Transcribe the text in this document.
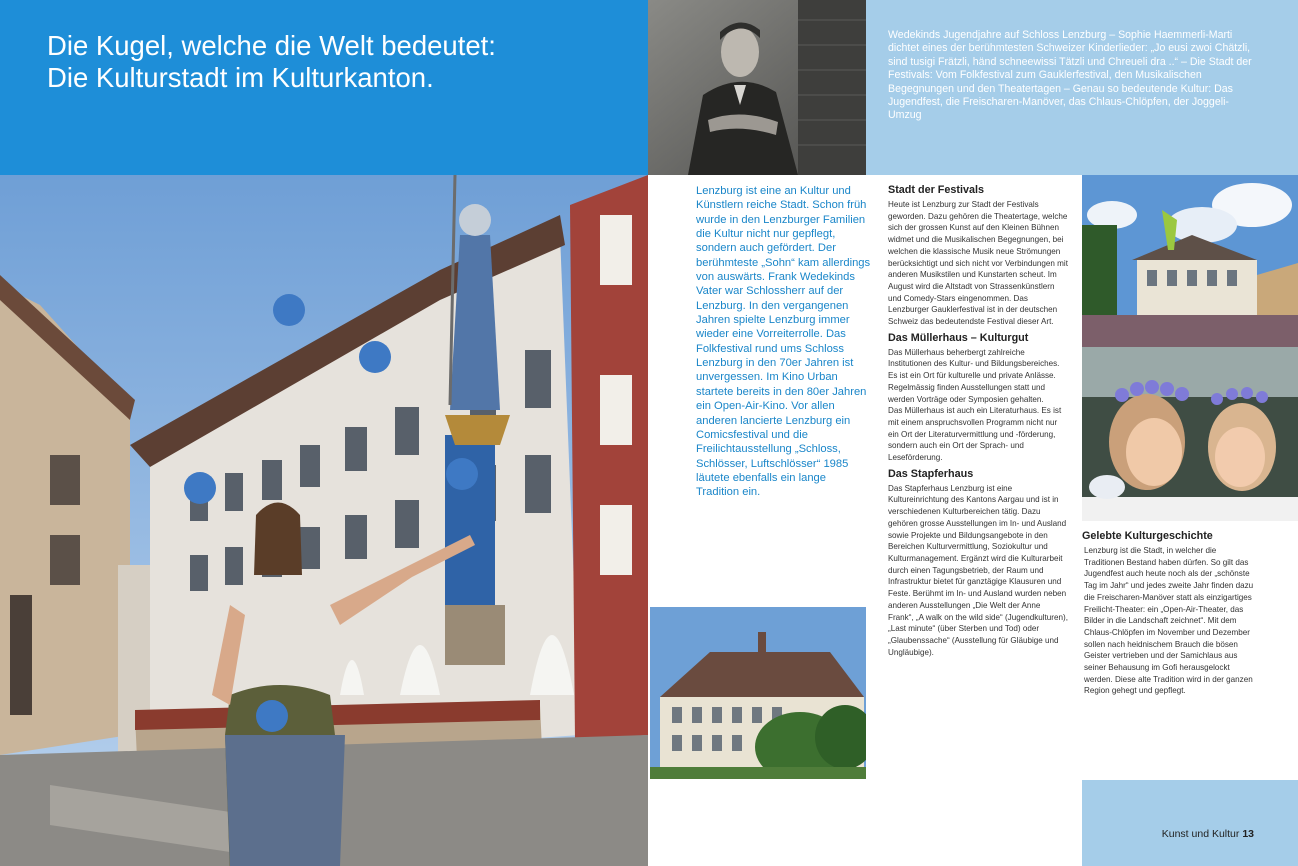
Die Kugel, welche die Welt bedeutet:
Die Kulturstadt im Kulturkanton.
Wedekinds Jugendjahre auf Schloss Lenzburg – Sophie Haemmerli-Marti dichtet eines der berühmtesten Schweizer Kinderlieder: „Jo eusi zwoi Chätzli, sind tusigi Frätzli, händ schneewissi Tätzli und Chreueli dra ..“ – Die Stadt der Festivals: Vom Folkfestival zum Gauklerfestival, den Musikalischen Begegnungen und den Theatertagen – Genau so bedeutende Kultur: Das Jugendfest, die Freischaren-Manöver, das Chlaus-Chlöpfen, der Joggeli-Umzug
Lenzburg ist eine an Kultur und Künstlern reiche Stadt. Schon früh wurde in den Lenzburger Familien die Kultur nicht nur gepflegt, sondern auch gefördert. Der berühmteste „Sohn“ kam allerdings von auswärts. Frank Wedekinds Vater war Schlossherr auf der Lenzburg. In den vergangenen Jahren spielte Lenzburg immer wieder eine Vorreiterrolle. Das Folkfestival rund ums Schloss Lenzburg in den 70er Jahren ist unvergessen. Im Kino Urban startete bereits in den 80er Jahren ein Open-Air-Kino. Vor allen anderen lancierte Lenzburg ein Comicsfestival und die Freilichtausstellung „Schloss, Schlösser, Luftschlösser“ 1985 läutete ebenfalls ein lange Tradition ein.
Stadt der Festivals

Heute ist Lenzburg zur Stadt der Festivals geworden. Dazu gehören die Theatertage, welche sich der grossen Kunst auf den Kleinen Bühnen widmet und die Musikalischen Begegnungen, bei welchen die klassische Musik neue Strömungen berücksichtigt und sich nicht vor Verbindungen mit anderen Musikstilen und Kunstarten scheut. Im August wird die Altstadt von Strassenkünstlern und Comedy-Stars eingenommen. Das Lenzburger Gauklerfestival ist in der deutschen Schweiz das bedeutendste Festival dieser Art.

Das Müllerhaus – Kulturgut

Das Müllerhaus beherbergt zahlreiche Institutionen des Kultur- und Bildungsbereiches. Es ist ein Ort für kulturelle und private Anlässe. Regelmässig finden Ausstellungen statt und werden Vorträge oder Symposien gehalten.

Das Müllerhaus ist auch ein Literaturhaus. Es ist mit einem anspruchsvollen Programm nicht nur ein Ort der Literaturvermittlung und -förderung, sondern auch ein Ort der Sprach- und Leseförderung.

Das Stapferhaus

Das Stapferhaus Lenzburg ist eine Kultureinrichtung des Kantons Aargau und ist in verschiedenen Kulturbereichen tätig. Dazu gehören grosse Ausstellungen im In- und Ausland sowie Projekte und Bildungsangebote in den Bereichen Kulturvermittlung, Soziokultur und Kulturmanagement. Ergänzt wird die Kulturarbeit durch einen Tagungsbetrieb, der Raum und Infrastruktur bietet für ganztägige Klausuren und Feste. Berühmt im In- und Ausland wurden neben anderen Ausstellungen „Die Welt der Anne Frank“, „A walk on the wild side“ (Jugendkulturen), „Last minute“ (über Sterben und Tod) oder „Glaubenssache“ (Ausstellung für Gläubige und Ungläubige).

Gelebte Kulturgeschichte

Lenzburg ist die Stadt, in welcher die Traditionen Bestand haben dürfen. So gilt das Jugendfest auch heute noch als der „schönste Tag im Jahr“ und jedes zweite Jahr finden dazu die Freischaren-Manöver statt als einzigartiges Freilicht-Theater: ein „Open-Air-Theater, das Bilder in die Landschaft zeichnet“. Mit dem Chlaus-Chlöpfen im November und Dezember sollen nach heidnischem Brauch die bösen Geister vertrieben und der Samichlaus aus seiner Behausung im Gofi herausgelockt werden. Diese alte Tradition wird in der ganzen Region gehegt und gepflegt.

Kunst und Kultur 13
